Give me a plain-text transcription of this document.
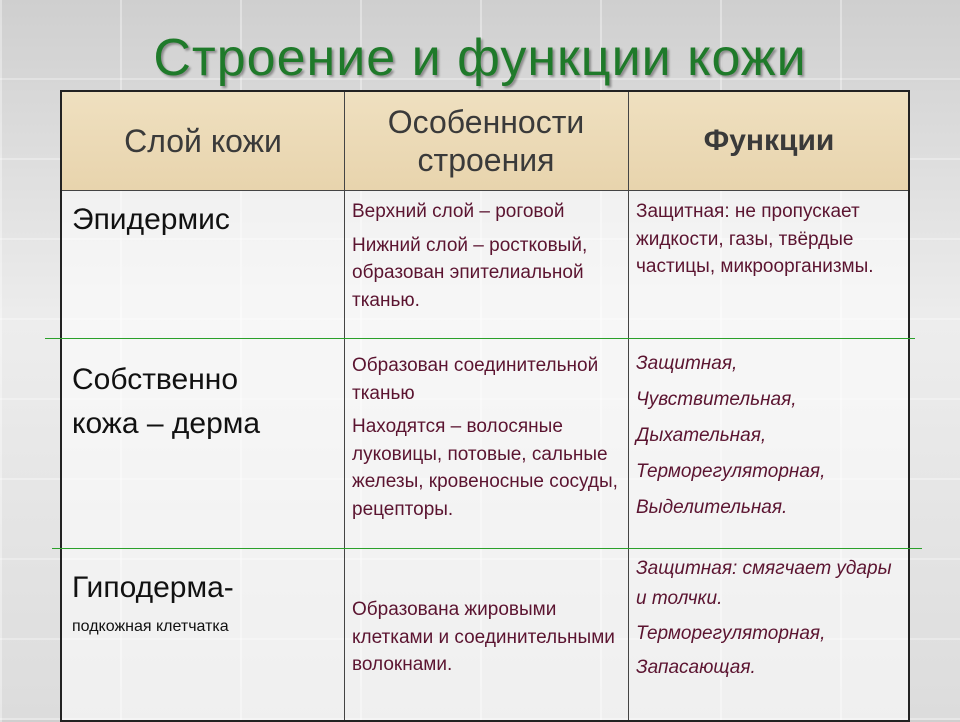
Строение и функции кожи
Слой кожи
Особенности
строения
Функции
Эпидермис	Верхний слой – роговой
Нижний слой – ростковый, образован эпителиальной тканью.
Защитная: не пропускает жидкости, газы, твёрдые частицы, микроорганизмы.
Собственно
кожа – дерма
Образован соединительной тканью
Находятся – волосяные луковицы, потовые, сальные железы, кровеносные сосуды, рецепторы.
Защитная,
Чувствительная,
Дыхательная,
Терморегуляторная,
Выделительная.
Гиподерма-
подкожная клетчатка
Образована жировыми клетками и соединительными волокнами.
Защитная: смягчает удары и толчки.
Терморегуляторная,
Запасающая.
